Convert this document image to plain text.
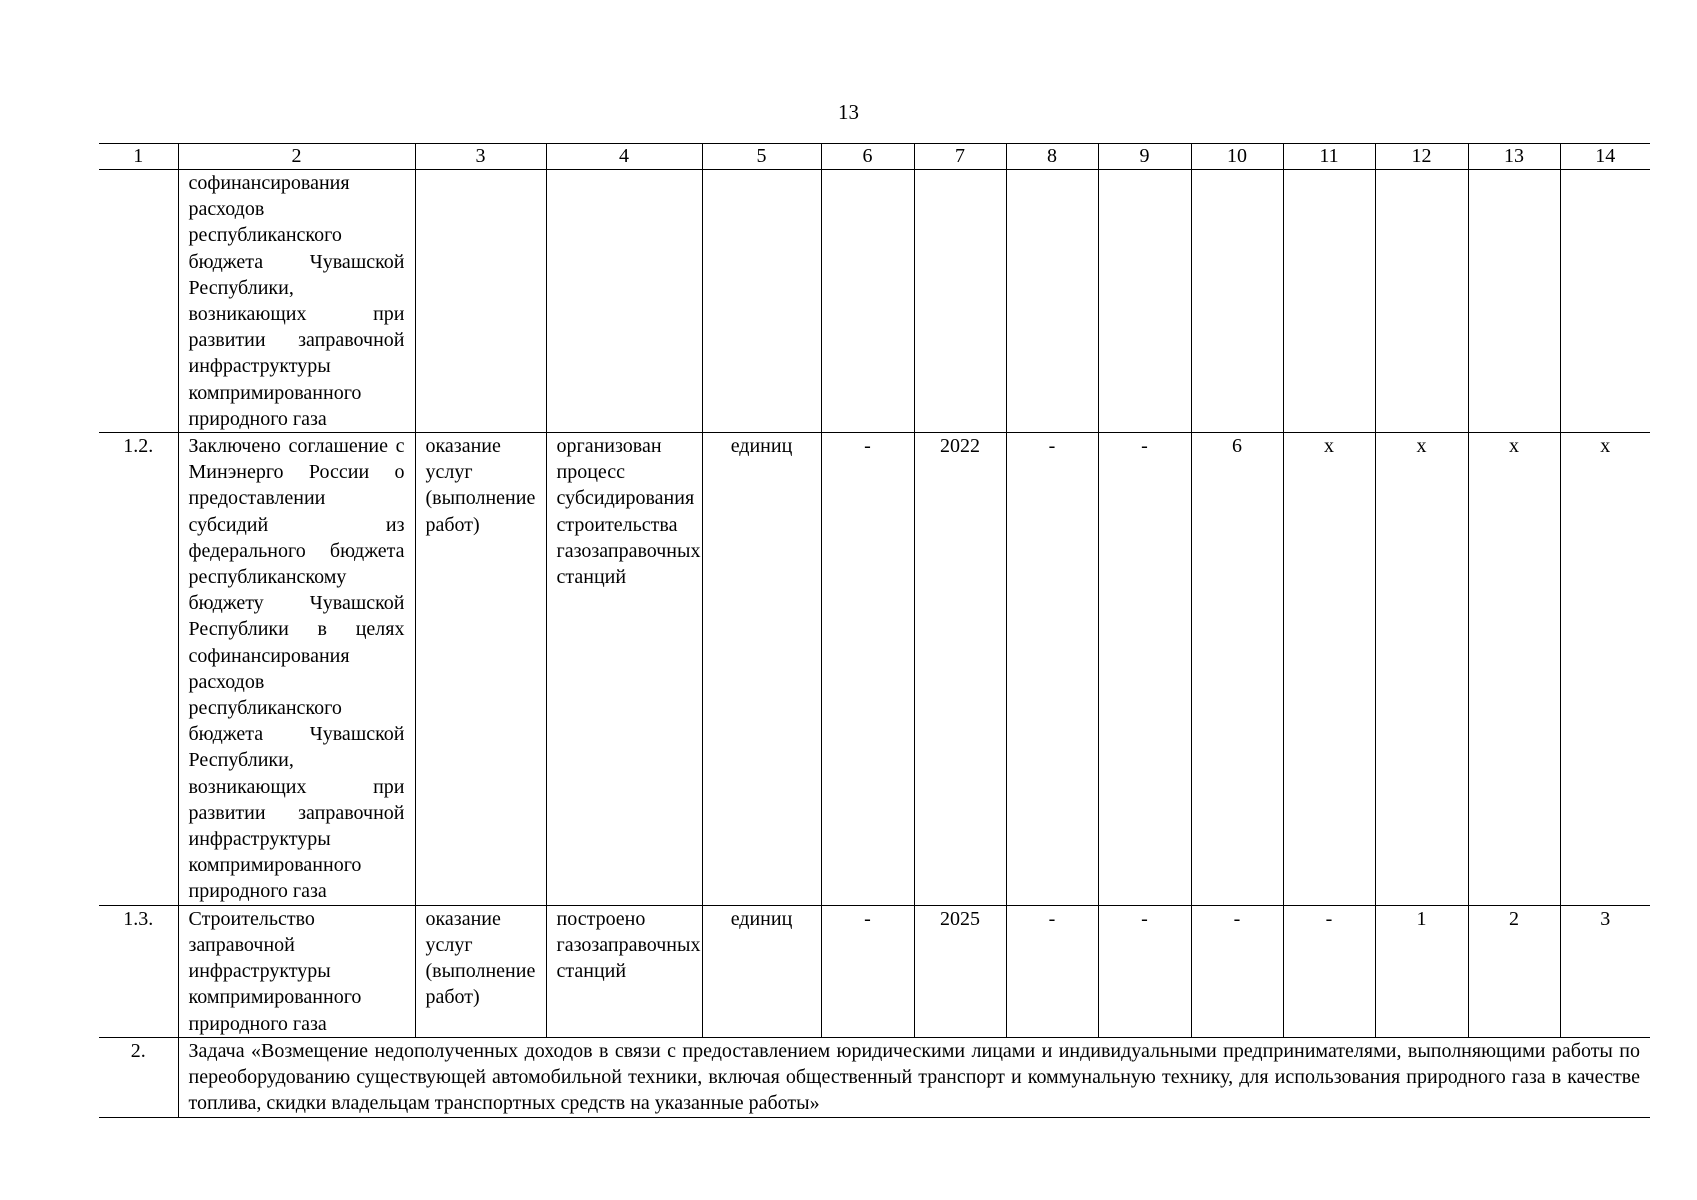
13
1	2	3	4	5	6	7	8	9	10	11	12	13	14
	софинансирования расходов республиканского бюджета Чувашской Республики, возникающих при развитии заправочной инфраструктуры компримированного природного газа												
1.2.	Заключено соглашение с Минэнерго России о предоставлении субсидий из федерального бюджета республиканскому бюджету Чувашской Республики в целях софинансирования расходов республиканского бюджета Чувашской Республики, возникающих при развитии заправочной инфраструктуры компримированного природного газа	оказание услуг (выполнение работ)	организован процесс субсидирования строительства газозаправочных станций	единиц	-	2022	-	-	6	х	х	х	х
1.3.	Строительство заправочной инфраструктуры компримированного природного газа	оказание услуг (выполнение работ)	построено газозаправочных станций	единиц	-	2025	-	-	-	-	1	2	3
2.	Задача «Возмещение недополученных доходов в связи с предоставлением юридическими лицами и индивидуальными предпринимателями, выполняющими работы по переоборудованию существующей автомобильной техники, включая общественный транспорт и коммунальную технику, для использования природного газа в качестве топлива, скидки владельцам транспортных средств на указанные работы»												
